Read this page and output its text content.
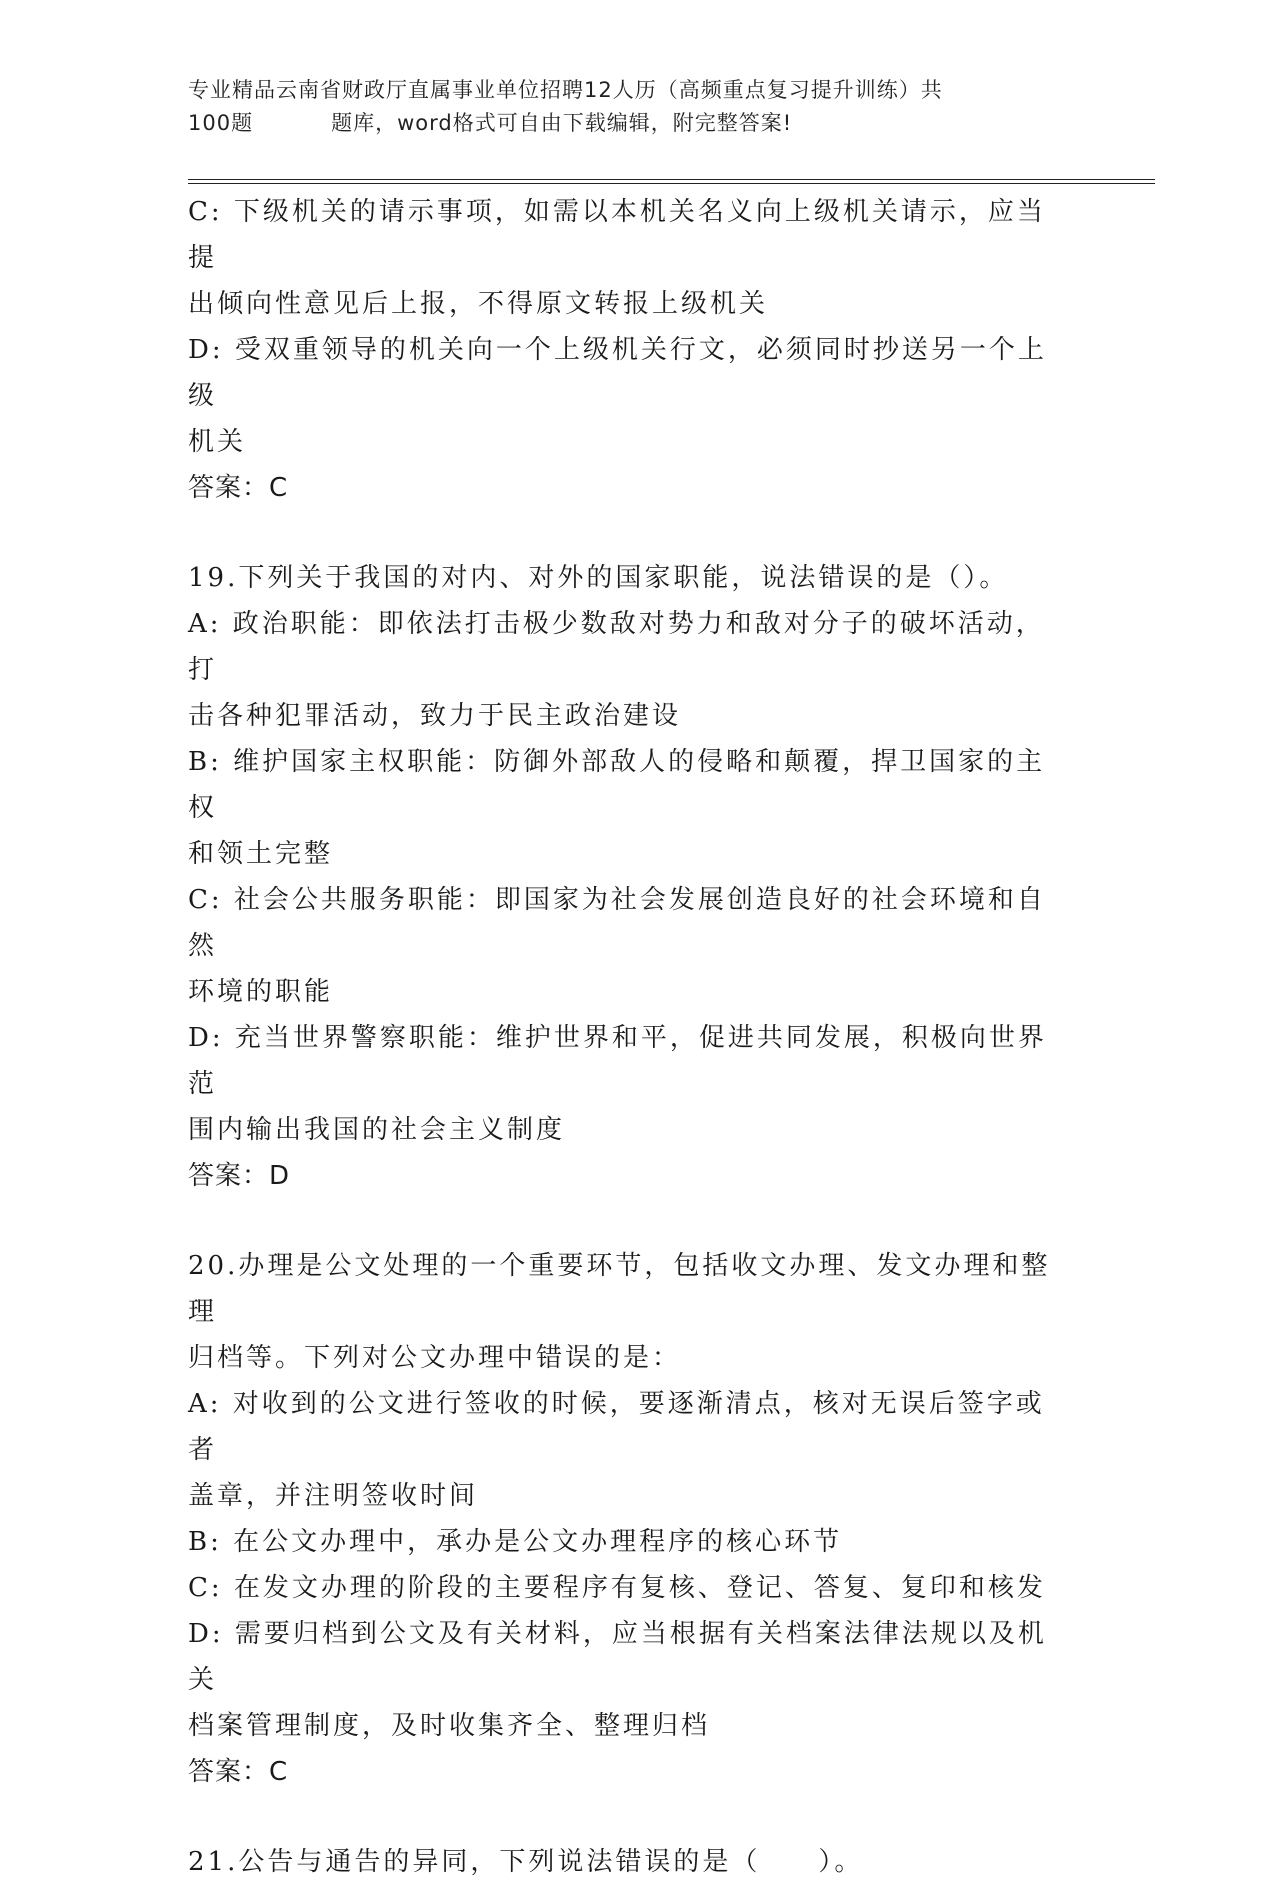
专业精品云南省财政厅直属事业单位招聘12人历（高频重点复习提升训练）共

100题	题库，word格式可自由下载编辑，附完整答案!

C: 下级机关的请示事项，如需以本机关名义向上级机关请示，应当提

出倾向性意见后上报，不得原文转报上级机关

D: 受双重领导的机关向一个上级机关行文，必须同时抄送另一个上级

机关

答案：C

19.下列关于我国的对内、对外的国家职能，说法错误的是（）。

A: 政治职能：即依法打击极少数敌对势力和敌对分子的破坏活动，打

击各种犯罪活动，致力于民主政治建设

B: 维护国家主权职能：防御外部敌人的侵略和颠覆，捍卫国家的主权

和领土完整

C: 社会公共服务职能：即国家为社会发展创造良好的社会环境和自然

环境的职能

D: 充当世界警察职能：维护世界和平，促进共同发展，积极向世界范

围内输出我国的社会主义制度

答案：D

20.办理是公文处理的一个重要环节，包括收文办理、发文办理和整理

归档等。下列对公文办理中错误的是：

A: 对收到的公文进行签收的时候，要逐渐清点，核对无误后签字或者

盖章，并注明签收时间

B: 在公文办理中，承办是公文办理程序的核心环节

C: 在发文办理的阶段的主要程序有复核、登记、答复、复印和核发

D: 需要归档到公文及有关材料，应当根据有关档案法律法规以及机关

档案管理制度，及时收集齐全、整理归档

答案：C

21.公告与通告的异同，下列说法错误的是（　　）。
